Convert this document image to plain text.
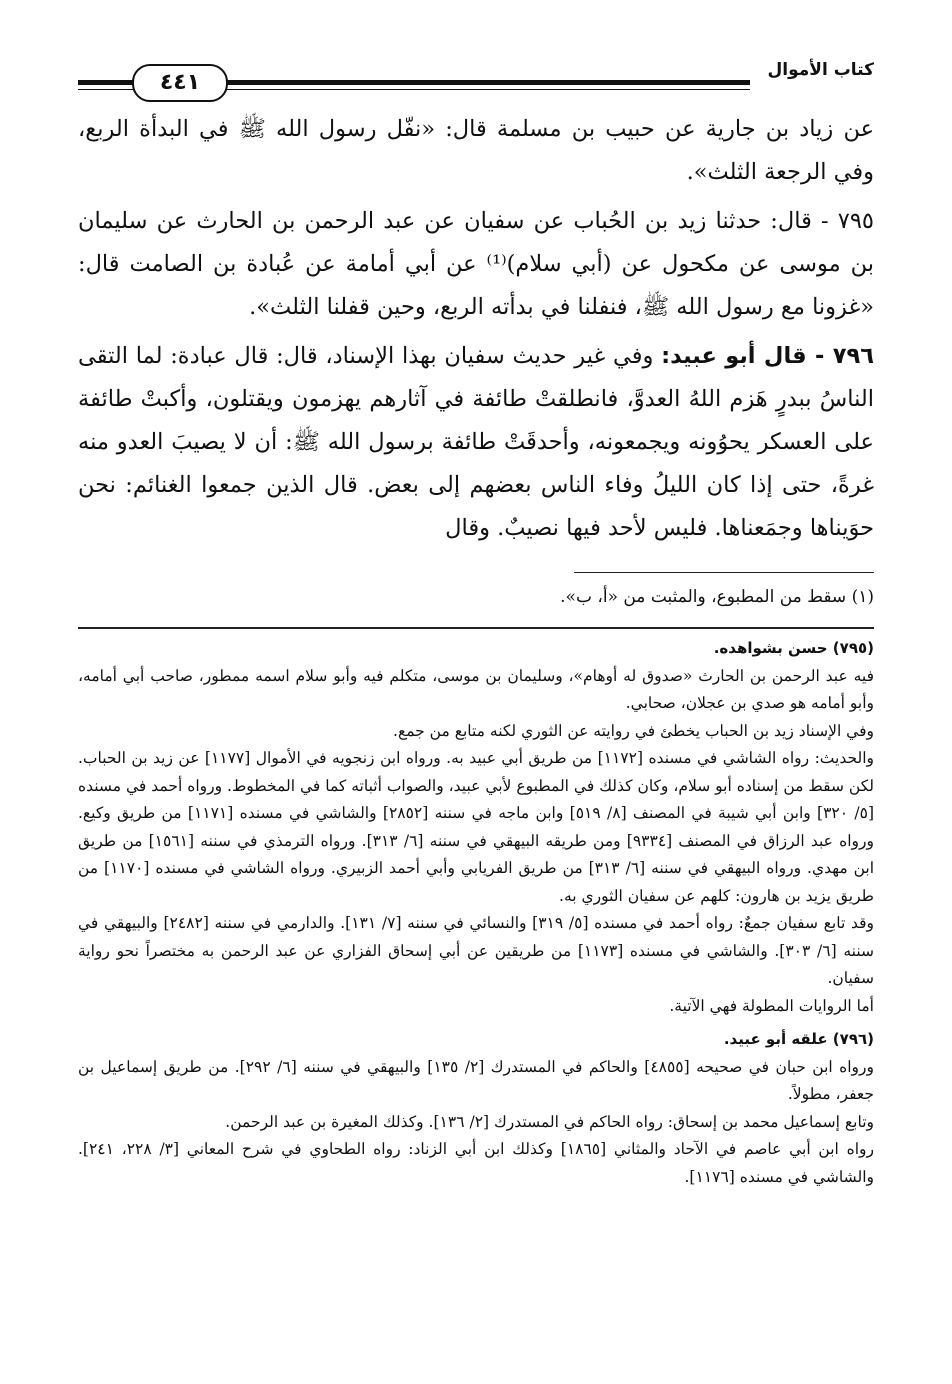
كتاب الأموال
٤٤١

عن زياد بن جارية عن حبيب بن مسلمة قال: «نفّل رسول الله ﷺ في البدأة الربع، وفي الرجعة الثلث».

٧٩٥ - قال: حدثنا زيد بن الحُباب عن سفيان عن عبد الرحمن بن الحارث عن سليمان بن موسى عن مكحول عن (أبي سلام)⁽¹⁾ عن أبي أمامة عن عُبادة بن الصامت قال: «غزونا مع رسول الله ﷺ، فنفلنا في بدأته الربع، وحين قفلنا الثلث».

٧٩٦ - قال أبو عبيد: وفي غير حديث سفيان بهذا الإسناد، قال: قال عبادة: لما التقى الناسُ ببدرٍ هَزم اللهُ العدوَّ، فانطلقتْ طائفة في آثارهم يهزمون ويقتلون، وأكبتْ طائفة على العسكر يحوُونه ويجمعونه، وأحدقَتْ طائفة برسول الله ﷺ: أن لا يصيبَ العدو منه غرةً، حتى إذا كان الليلُ وفاء الناس بعضهم إلى بعض. قال الذين جمعوا الغنائم: نحن حوَيناها وجمَعناها. فليس لأحد فيها نصيبٌ. وقال

(١) سقط من المطبوع، والمثبت من «أ، ب».

(٧٩٥) حسن بشواهده.

فيه عبد الرحمن بن الحارث «صدوق له أوهام»، وسليمان بن موسى، متكلم فيه وأبو سلام اسمه ممطور، صاحب أبي أمامه، وأبو أمامه هو صدي بن عجلان، صحابي.

وفي الإسناد زيد بن الحباب يخطئ في روايته عن الثوري لكنه متابع من جمع.

والحديث: رواه الشاشي في مسنده [١١٧٢] من طريق أبي عبيد به. ورواه ابن زنجويه في الأموال [١١٧٧] عن زيد بن الحباب. لكن سقط من إسناده أبو سلام، وكان كذلك في المطبوع لأبي عبيد، والصواب أثباته كما في المخطوط. ورواه أحمد في مسنده [٥/ ٣٢٠] وابن أبي شيبة في المصنف [٨/ ٥١٩] وابن ماجه في سننه [٢٨٥٢] والشاشي في مسنده [١١٧١] من طريق وكيع. ورواه عبد الرزاق في المصنف [٩٣٣٤] ومن طريقه البيهقي في سننه [٦/ ٣١٣]. ورواه الترمذي في سننه [١٥٦١] من طريق ابن مهدي. ورواه البيهقي في سننه [٦/ ٣١٣] من طريق الفريابي وأبي أحمد الزبيري. ورواه الشاشي في مسنده [١١٧٠] من طريق يزيد بن هارون: كلهم عن سفيان الثوري به.

وقد تابع سفيان جمعٌ: رواه أحمد في مسنده [٥/ ٣١٩] والنسائي في سننه [٧/ ١٣١]. والدارمي في سننه [٢٤٨٢] والبيهقي في سننه [٦/ ٣٠٣]. والشاشي في مسنده [١١٧٣] من طريقين عن أبي إسحاق الفزاري عن عبد الرحمن به مختصراً نحو رواية سفيان.

أما الروايات المطولة فهي الآتية.

(٧٩٦) علقه أبو عبيد.

ورواه ابن حبان في صحيحه [٤٨٥٥] والحاكم في المستدرك [٢/ ١٣٥] والبيهقي في سننه [٦/ ٢٩٢]. من طريق إسماعيل بن جعفر، مطولاً.

وتابع إسماعيل محمد بن إسحاق: رواه الحاكم في المستدرك [٢/ ١٣٦]. وكذلك المغيرة بن عبد الرحمن.

رواه ابن أبي عاصم في الآحاد والمثاني [١٨٦٥] وكذلك ابن أبي الزناد: رواه الطحاوي في شرح المعاني [٣/ ٢٢٨، ٢٤١]. والشاشي في مسنده [١١٧٦].
